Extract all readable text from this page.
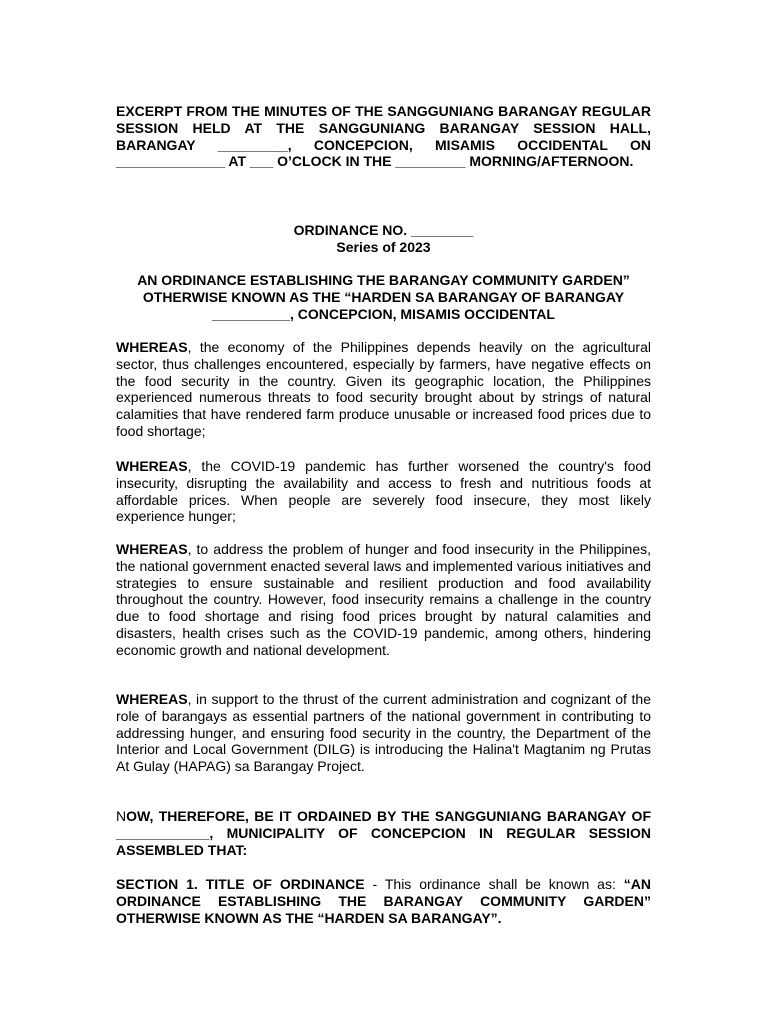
EXCERPT FROM THE MINUTES OF THE SANGGUNIANG BARANGAY REGULAR SESSION HELD AT THE SANGGUNIANG BARANGAY SESSION HALL, BARANGAY _________, CONCEPCION, MISAMIS OCCIDENTAL ON ______________ AT ___ O’CLOCK IN THE _________ MORNING/AFTERNOON.

ORDINANCE NO. ________

Series of 2023

AN ORDINANCE ESTABLISHING THE BARANGAY COMMUNITY GARDEN” OTHERWISE KNOWN AS THE “HARDEN SA BARANGAY OF BARANGAY __________, CONCEPCION, MISAMIS OCCIDENTAL

WHEREAS, the economy of the Philippines depends heavily on the agricultural sector, thus challenges encountered, especially by farmers, have negative effects on the food security in the country. Given its geographic location, the Philippines experienced numerous threats to food security brought about by strings of natural calamities that have rendered farm produce unusable or increased food prices due to food shortage;

WHEREAS, the COVID-19 pandemic has further worsened the country's food insecurity, disrupting the availability and access to fresh and nutritious foods at affordable prices. When people are severely food insecure, they most likely experience hunger;

WHEREAS, to address the problem of hunger and food insecurity in the Philippines, the national government enacted several laws and implemented various initiatives and strategies to ensure sustainable and resilient production and food availability throughout the country. However, food insecurity remains a challenge in the country due to food shortage and rising food prices brought by natural calamities and disasters, health crises such as the COVID-19 pandemic, among others, hindering economic growth and national development.

WHEREAS, in support to the thrust of the current administration and cognizant of the role of barangays as essential partners of the national government in contributing to addressing hunger, and ensuring food security in the country, the Department of the Interior and Local Government (DILG) is introducing the Halina't Magtanim ng Prutas At Gulay (HAPAG) sa Barangay Project.

NOW, THEREFORE, BE IT ORDAINED BY THE SANGGUNIANG BARANGAY OF ____________, MUNICIPALITY OF CONCEPCION IN REGULAR SESSION ASSEMBLED THAT:

SECTION 1. TITLE OF ORDINANCE - This ordinance shall be known as: “AN ORDINANCE ESTABLISHING THE BARANGAY COMMUNITY GARDEN” OTHERWISE KNOWN AS THE “HARDEN SA BARANGAY”.
